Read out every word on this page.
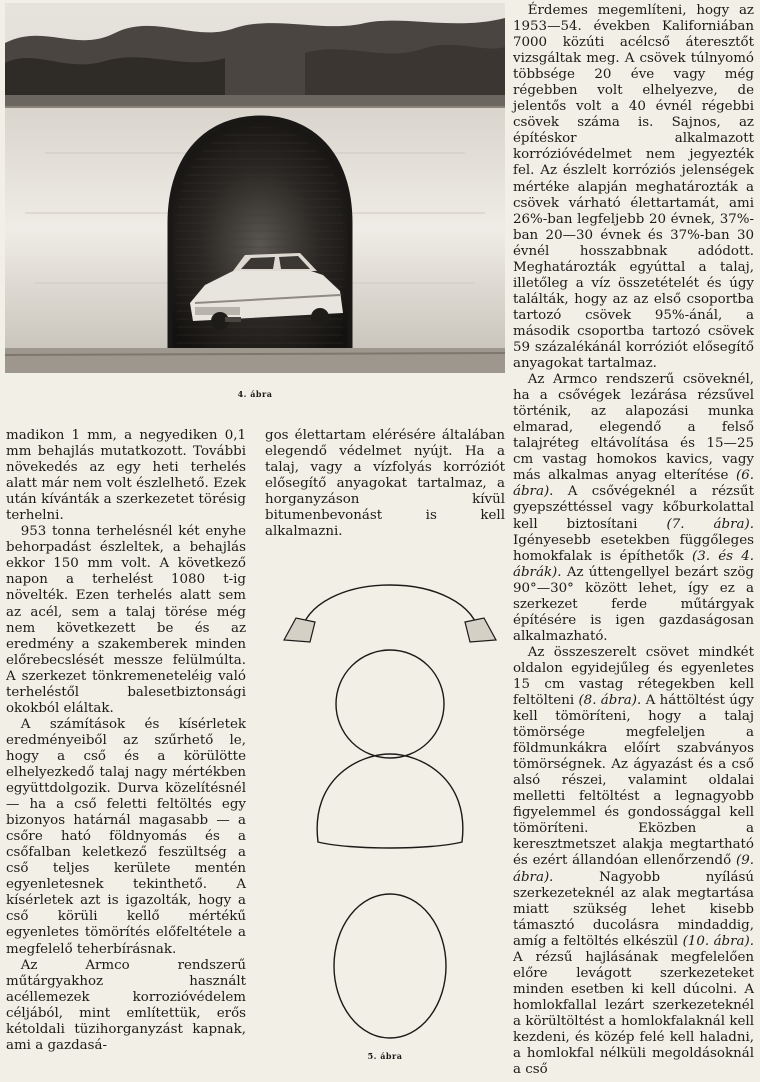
4. ábra

madikon 1 mm, a negyediken 0,1 mm behajlás mutatkozott. További növekedés az egy heti terhelés alatt már nem volt észlelhető. Ezek után kívánták a szerkezetet törésig terhelni.

953 tonna terhelésnél két enyhe behorpadást észleltek, a behajlás ekkor 150 mm volt. A következő napon a terhelést 1080 t-ig növelték. Ezen terhelés alatt sem az acél, sem a talaj törése még nem következett be és az eredmény a szakemberek minden előrebecslését messze felülmúlta. A szerkezet tönkremeneteléig való terheléstől balesetbiztonsági okokból eláltak.

A számítások és kísérletek eredményeiből az szűrhető le, hogy a cső és a körülötte elhelyezkedő talaj nagy mértékben együttdolgozik. Durva közelítésnél — ha a cső feletti feltöltés egy bizonyos határnál magasabb — a csőre ható földnyomás és a csőfalban keletkező feszültség a cső teljes kerülete mentén egyenletesnek tekinthető. A kísérletek azt is igazolták, hogy a cső körüli kellő mértékű egyenletes tömörítés előfeltétele a megfelelő teherbírásnak.

Az Armco rendszerű műtárgyakhoz használt acéllemezek korrozióvédelem céljából, mint említettük, erős kétoldali tüzihorganyzást kapnak, ami a gazdasá-

gos élettartam elérésére általában elegendő védelmet nyújt. Ha a talaj, vagy a vízfolyás korróziót elősegítő anyagokat tartalmaz, a horganyzáson kívül bitumenbevonást is kell alkalmazni.

5. ábra

Érdemes megemlíteni, hogy az 1953—54. években Kaliforniában 7000 közúti acélcső áteresztőt vizsgáltak meg. A csövek túlnyomó többsége 20 éve vagy még régebben volt elhelyezve, de jelentős volt a 40 évnél régebbi csövek száma is. Sajnos, az építéskor alkalmazott korrózióvédelmet nem jegyezték fel. Az észlelt korróziós jelenségek mértéke alapján meghatározták a csövek várható élettartamát, ami 26%-ban legfeljebb 20 évnek, 37%-ban 20—30 évnek és 37%-ban 30 évnél hosszabbnak adódott. Meghatározták egyúttal a talaj, illetőleg a víz összetételét és úgy találták, hogy az az első csoportba tartozó csövek 95%-ánál, a második csoportba tartozó csövek 59 százalékánál korróziót elősegítő anyagokat tartalmaz.

Az Armco rendszerű csöveknél, ha a csővégek lezárása rézsűvel történik, az alapozási munka elmarad, elegendő a felső talajréteg eltávolítása és 15—25 cm vastag homokos kavics, vagy más alkalmas anyag elterítése (6. ábra). A csővégeknél a rézsűt gyepszéttéssel vagy kőburkolattal kell biztosítani (7. ábra). Igényesebb esetekben függőleges homokfalak is építhetők (3. és 4. ábrák). Az úttengellyel bezárt szög 90°—30° között lehet, így ez a szerkezet ferde műtárgyak építésére is igen gazdaságosan alkalmazható.

Az összeszerelt csövet mindkét oldalon egyidejűleg és egyenletes 15 cm vastag rétegekben kell feltölteni (8. ábra). A háttöltést úgy kell tömöríteni, hogy a talaj tömörsége megfeleljen a földmunkákra előírt szabványos tömörségnek. Az ágyazást és a cső alsó részei, valamint oldalai melletti feltöltést a legnagyobb figyelemmel és gondossággal kell tömöríteni. Eközben a keresztmetszet alakja megtartható és ezért állandóan ellenőrzendő (9. ábra). Nagyobb nyílású szerkezeteknél az alak megtartása miatt szükség lehet kisebb támasztó ducolásra mindaddig, amíg a feltöltés elkészül (10. ábra). A rézsű hajlásának megfelelően előre levágott szerkezeteket minden esetben ki kell dúcolni. A homlokfallal lezárt szerkezeteknél a körültöltést a homlokfalaknál kell kezdeni, és közép felé kell haladni, a homlokfal nélküli megoldásoknál a cső
